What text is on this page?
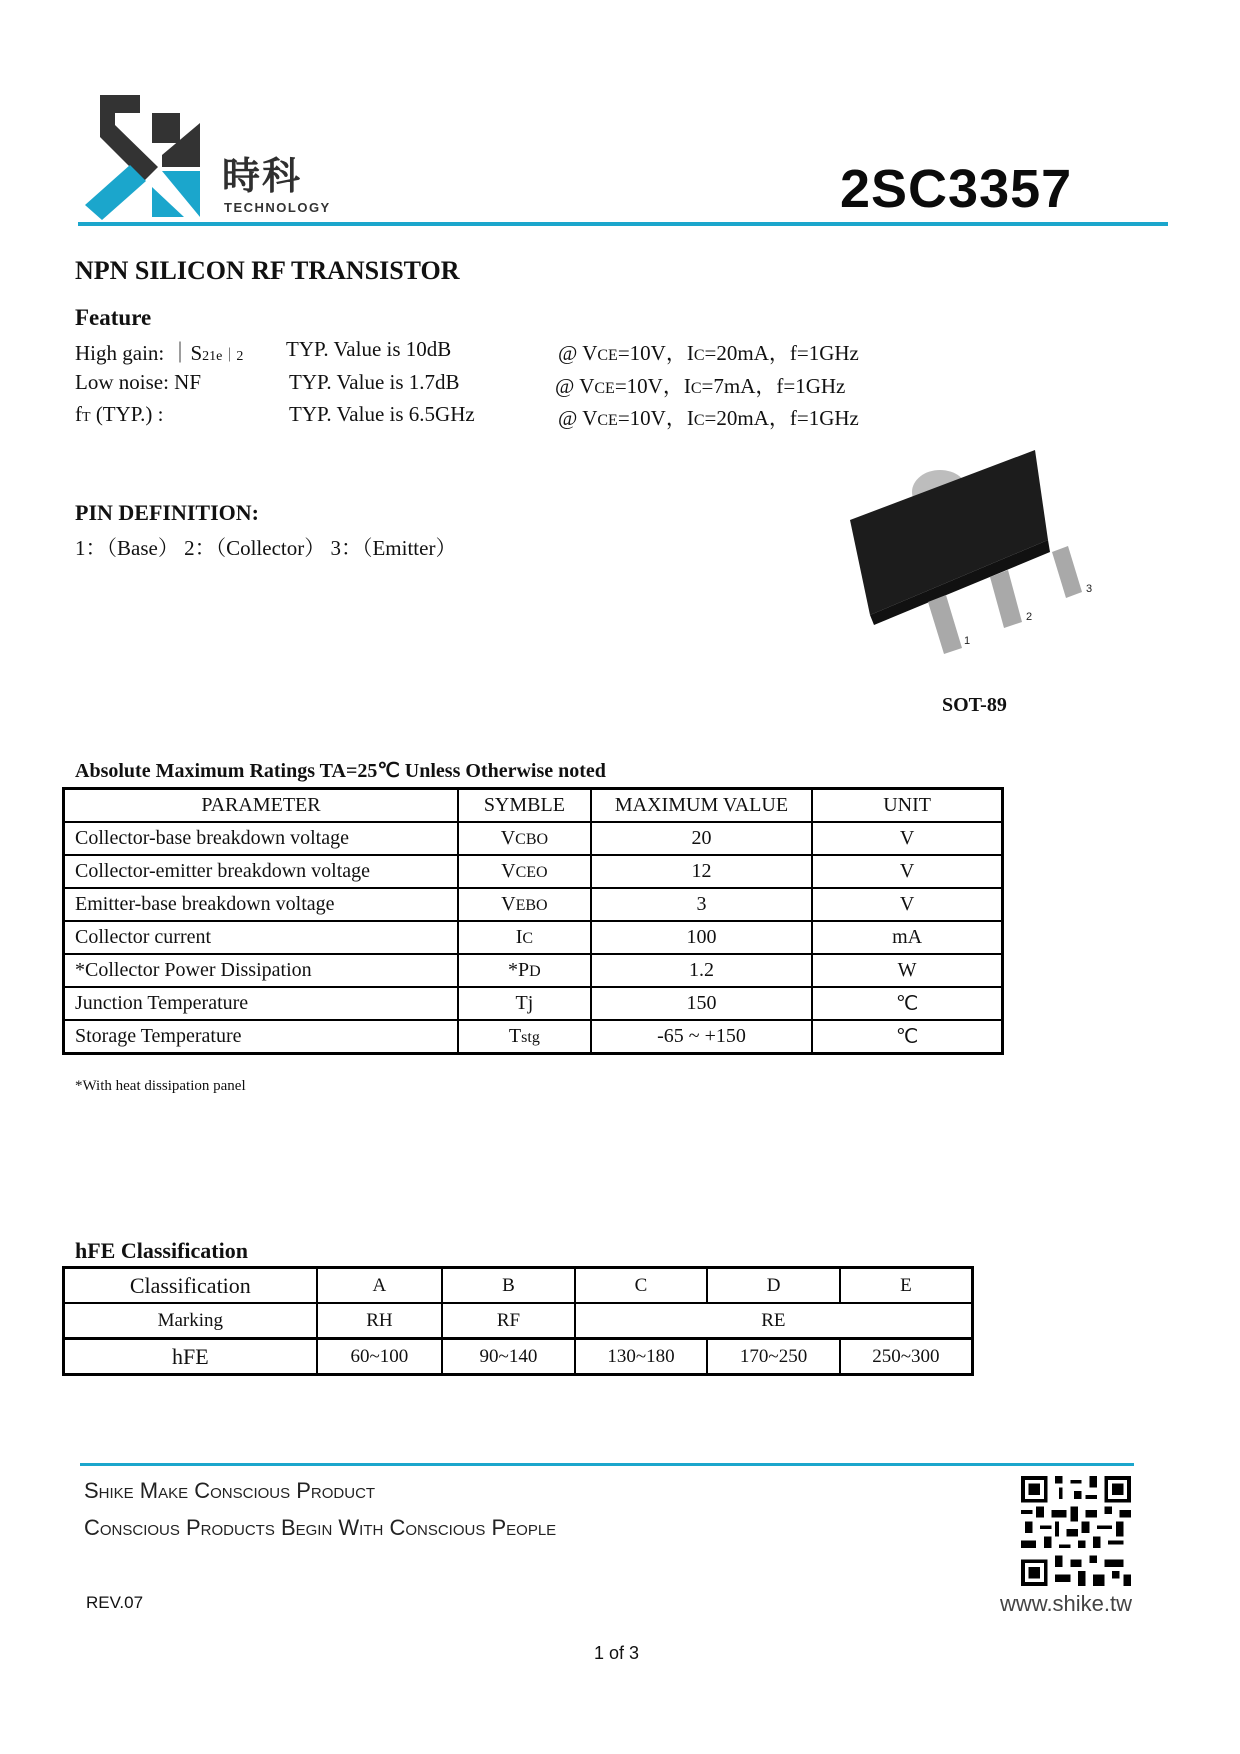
時科
TECHNOLOGY	2SC3357
NPN SILICON RF TRANSISTOR
Feature
High gain: ｜S21e｜2 TYP. Value is 10dB	@ VCE=10V，IC=20mA，f=1GHz
Low noise: NF	TYP. Value is 1.7dB	@ VCE=10V，IC=7mA，f=1GHz
fT (TYP.) :	TYP. Value is 6.5GHz	@ VCE=10V，IC=20mA，f=1GHz
PIN DEFINITION:
1：（Base） 2：（Collector） 3：（Emitter）
1
2
3
SOT-89
Absolute Maximum Ratings TA=25℃ Unless Otherwise noted
PARAMETER	SYMBLE	MAXIMUM VALUE	UNIT
Collector-base breakdown voltage	VCBO	20	V
Collector-emitter breakdown voltage	VCEO	12	V
Emitter-base breakdown voltage	VEBO	3	V
Collector current	IC	100	mA
*Collector Power Dissipation	*PD	1.2	W
Junction Temperature	Tj	150	℃
Storage Temperature	Tstg	-65 ~ +150	℃
*With heat dissipation panel
hFE Classification
Classification	A	B	C	D	E
Marking	RH	RF	RE		
hFE	60~100	90~140	130~180	170~250	250~300
Shike Make Conscious Product
Conscious Products Begin With Conscious People
REV.07	www.shike.tw
1 of 3
